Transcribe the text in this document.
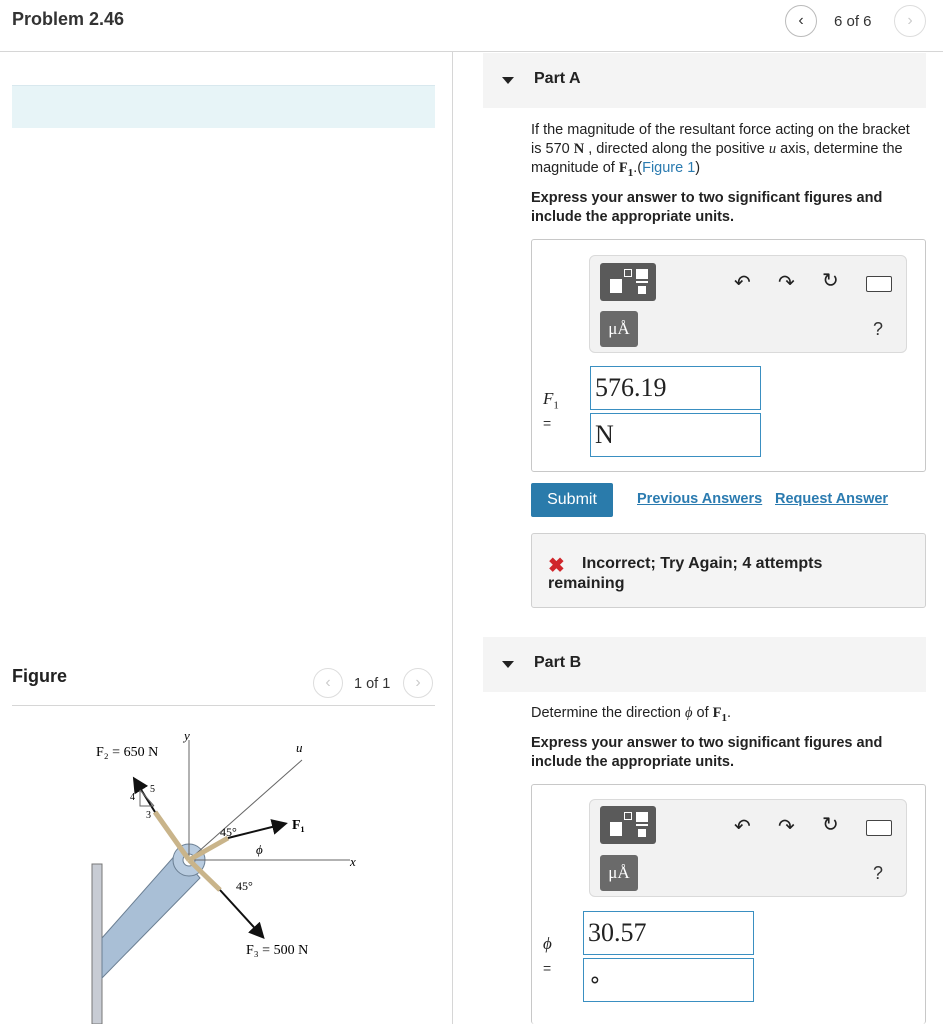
Problem 2.46	‹ 6 of 6 ›
Figure	‹ 1 of 1 ›
4
5
3
F₂ = 650 N
F₃ = 500 N
F₁
y
u
x
45°
45°
ϕ
Part A
If the magnitude of the resultant force acting on the bracket is 570 N , directed along the positive u axis, determine the magnitude of $F_1.(Figure$ 1)
Express your answer to two significant figures and include the appropriate units.
μÅ
↶ ↷ ↻
?
$F_1$
=
576.19
N
Submit	Previous Answers Request Answer
✖	Incorrect; Try Again; 4 attempts remaining
Part B
Determine the direction ϕ of $F_1$.
Express your answer to two significant figures and include the appropriate units.
μÅ
↶ ↷ ↻
?
ϕ
=
30.57
∘
